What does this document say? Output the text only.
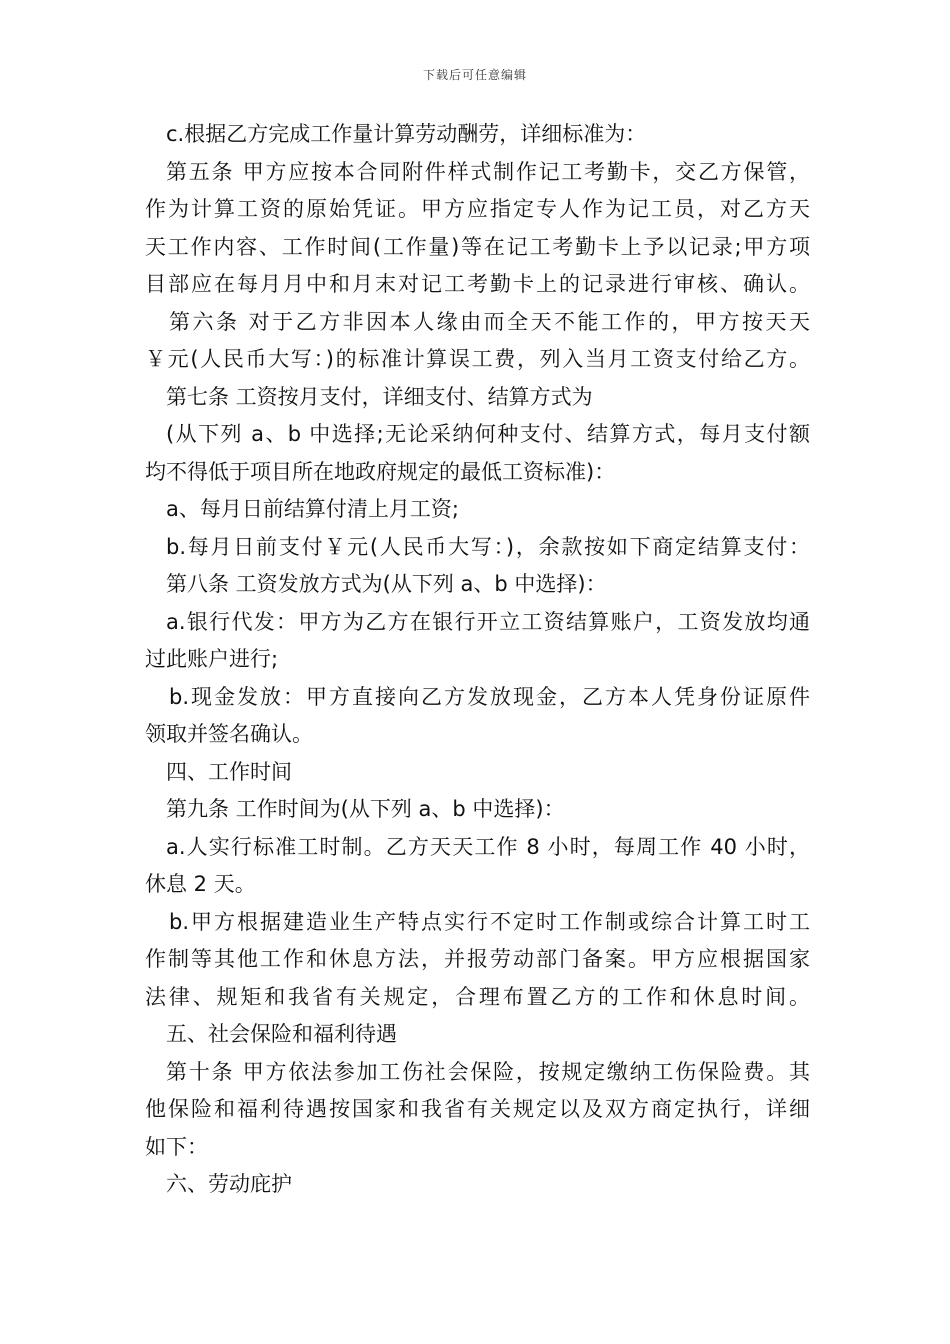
下载后可任意编辑
c.根据乙方完成工作量计算劳动酬劳，详细标准为：
第五条 甲方应按本合同附件样式制作记工考勤卡，交乙方保管，
作为计算工资的原始凭证。甲方应指定专人作为记工员，对乙方天
天工作内容、工作时间(工作量)等在记工考勤卡上予以记录;甲方项
目部应在每月月中和月末对记工考勤卡上的记录进行审核、确认。
第六条 对于乙方非因本人缘由而全天不能工作的，甲方按天天
￥元(人民币大写：)的标准计算误工费，列入当月工资支付给乙方。
第七条 工资按月支付，详细支付、结算方式为
(从下列 a、b 中选择;无论采纳何种支付、结算方式，每月支付额
均不得低于项目所在地政府规定的最低工资标准)：
a、每月日前结算付清上月工资;
b.每月日前支付￥元(人民币大写：)，余款按如下商定结算支付：
第八条 工资发放方式为(从下列 a、b 中选择)：
a.银行代发：甲方为乙方在银行开立工资结算账户，工资发放均通
过此账户进行;
b.现金发放：甲方直接向乙方发放现金，乙方本人凭身份证原件
领取并签名确认。
四、工作时间
第九条 工作时间为(从下列 a、b 中选择)：
a.人实行标准工时制。乙方天天工作 8 小时，每周工作 40 小时，
休息 2 天。
b.甲方根据建造业生产特点实行不定时工作制或综合计算工时工
作制等其他工作和休息方法，并报劳动部门备案。甲方应根据国家
法律、规矩和我省有关规定，合理布置乙方的工作和休息时间。
五、社会保险和福利待遇
第十条 甲方依法参加工伤社会保险，按规定缴纳工伤保险费。其
他保险和福利待遇按国家和我省有关规定以及双方商定执行，详细
如下：
六、劳动庇护
